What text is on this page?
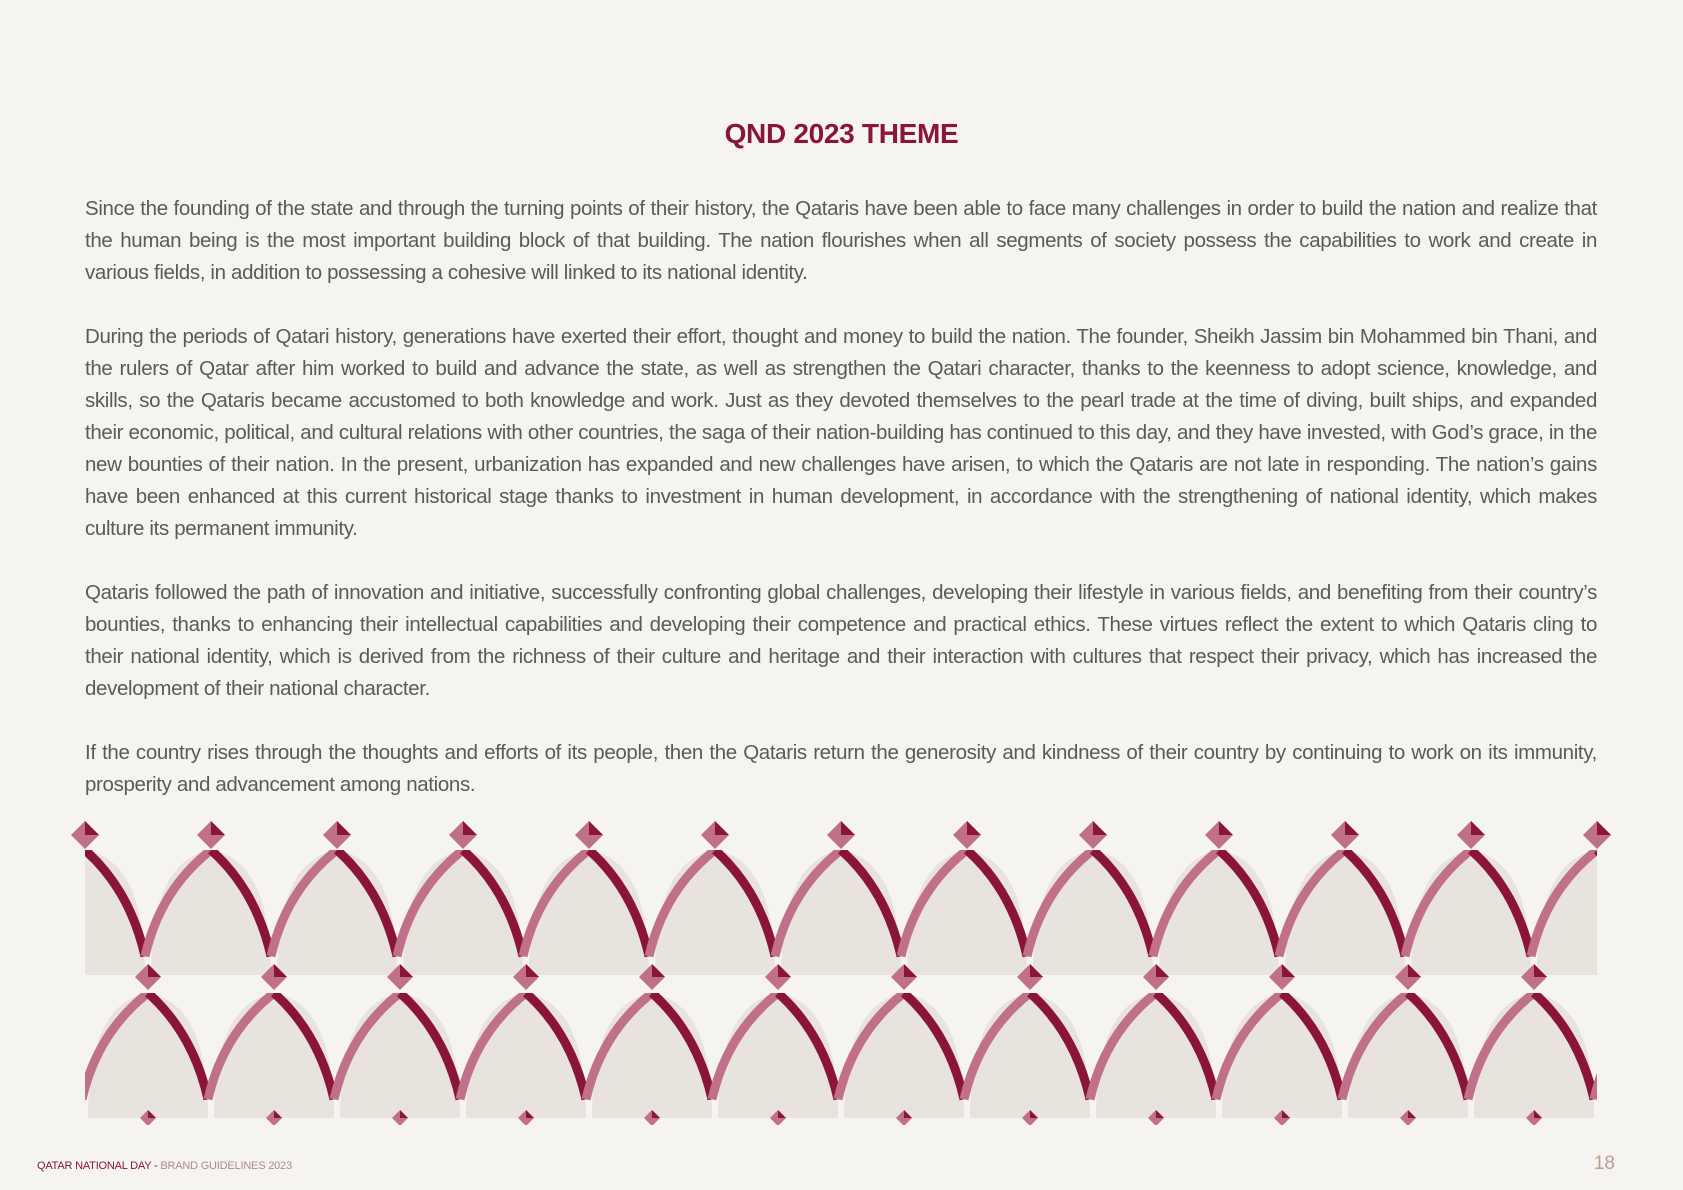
QND 2023 THEME

Since the founding of the state and through the turning points of their history, the Qataris have been able to face many challenges in order to build the nation and realize that the human being is the most important building block of that building. The nation flourishes when all segments of society possess the capabilities to work and create in various fields, in addition to possessing a cohesive will linked to its national identity.

During the periods of Qatari history, generations have exerted their effort, thought and money to build the nation. The founder, Sheikh Jassim bin Mohammed bin Thani, and the rulers of Qatar after him worked to build and advance the state, as well as strengthen the Qatari character, thanks to the keenness to adopt science, knowledge, and skills, so the Qataris became accustomed to both knowledge and work. Just as they devoted themselves to the pearl trade at the time of diving, built ships, and expanded their economic, political, and cultural relations with other countries, the saga of their nation-building has continued to this day, and they have invested, with God’s grace, in the new bounties of their nation. In the present, urbanization has expanded and new challenges have arisen, to which the Qataris are not late in responding. The nation’s gains have been enhanced at this current historical stage thanks to investment in human development, in accordance with the strengthening of national identity, which makes culture its permanent immunity.

Qataris followed the path of innovation and initiative, successfully confronting global challenges, developing their lifestyle in various fields, and benefiting from their country’s bounties, thanks to enhancing their intellectual capabilities and developing their competence and practical ethics. These virtues reflect the extent to which Qataris cling to their national identity, which is derived from the richness of their culture and heritage and their interaction with cultures that respect their privacy, which has increased the development of their national character.

If the country rises through the thoughts and efforts of its people, then the Qataris return the generosity and kindness of their country by continuing to work on its immunity, prosperity and advancement among nations.

QATAR NATIONAL DAY - BRAND GUIDELINES 2023	18
